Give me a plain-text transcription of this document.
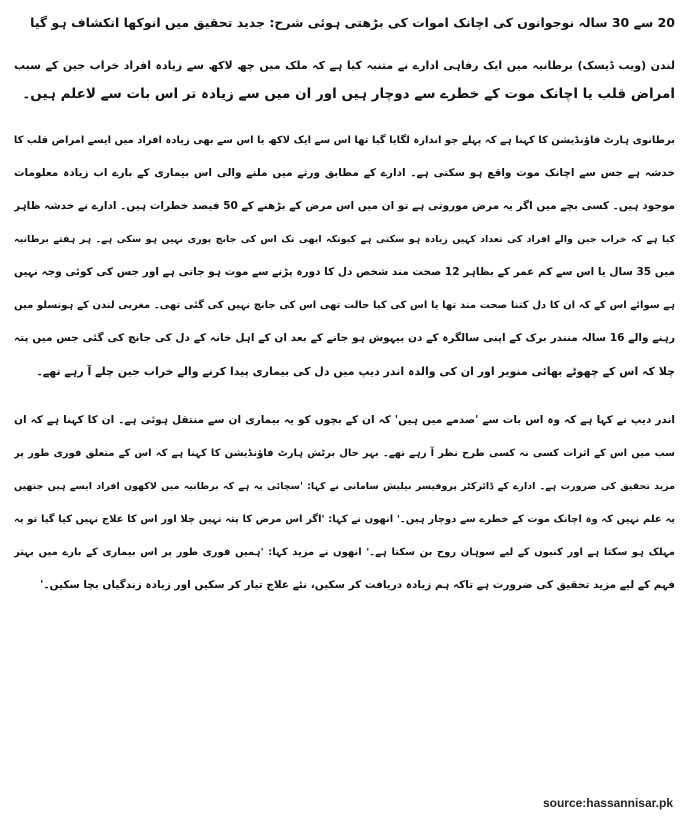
20 سے 30 سالہ نوجوانوں کی اچانک اموات کی بڑھتی ہوئی شرح: جدید تحقیق میں انوکھا انکشاف ہو گیا
لندن (ویب ڈیسک) برطانیہ میں ایک رفاہی ادارے نے متنبہ کیا ہے کہ ملک میں چھ لاکھ سے زیادہ افراد خراب جین کے سبب
امراض قلب یا اچانک موت کے خطرے سے دوچار ہیں اور ان میں سے زیادہ تر اس بات سے لاعلم ہیں۔
برطانوی ہارٹ فاؤنڈیشن کا کہنا ہے کہ پہلے جو اندازہ لگایا گیا تھا اس سے ایک لاکھ یا اس سے بھی زیادہ افراد میں ایسے امراض قلب کا
خدشہ ہے جس سے اچانک موت واقع ہو سکتی ہے۔ ادارے کے مطابق ورثے میں ملنے والی اس بیماری کے بارے اب زیادہ معلومات
موجود ہیں۔ کسی بچے میں اگر یہ مرض موروثی ہے تو ان میں اس مرض کے بڑھنے کے 50 فیصد خطرات ہیں۔ ادارے نے خدشہ ظاہر
کیا ہے کہ خراب جین والے افراد کی تعداد کہیں زیادہ ہو سکتی ہے کیونکہ ابھی تک اس کی جانچ پوری نہیں ہو سکی ہے۔ ہر ہفتے برطانیہ
میں 35 سال یا اس سے کم عمر کے بظاہر 12 صحت مند شخص دل کا دورہ پڑنے سے موت ہو جاتی ہے اور جس کی کوئی وجہ نہیں
ہے سوائے اس کے کہ ان کا دل کتنا صحت مند تھا یا اس کی کیا حالت تھی اس کی جانچ نہیں کی گئی تھی۔ مغربی لندن کے ہونسلو میں
رہنے والے 16 سالہ منندر برک کے اپنی سالگرہ کے دن بیہوش ہو جانے کے بعد ان کے اہل خانہ کے دل کی جانچ کی گئی جس میں پتہ
چلا کہ اس کے چھوٹے بھائی منویر اور ان کی والدہ اندر دیپ میں دل کی بیماری پیدا کرنے والے خراب جین چلے آ رہے تھے۔
اندر دیپ نے کہا ہے کہ وہ اس بات سے 'صدمے میں ہیں' کہ ان کے بچوں کو یہ بیماری ان سے منتقل ہوئی ہے۔ ان کا کہنا ہے کہ ان
سب میں اس کے اثرات کسی نہ کسی طرح نظر آ رہے تھے۔ بہر حال برٹش ہارٹ فاؤنڈیشن کا کہنا ہے کہ اس کے متعلق فوری طور پر
مزید تحقیق کی ضرورت ہے۔ ادارے کے ڈائرکٹر پروفیسر نیلیش سامانی نے کہا: 'سچائی یہ ہے کہ برطانیہ میں لاکھوں افراد ایسے ہیں جنھیں
یہ علم نہیں کہ وہ اچانک موت کے خطرے سے دوچار ہیں۔' انھوں نے کہا: 'اگر اس مرض کا پتہ نہیں چلا اور اس کا علاج نہیں کیا گیا تو یہ
مہلک ہو سکتا ہے اور کنبوں کے لیے سوہان روح بن سکتا ہے۔' انھوں نے مزید کہا: 'ہمیں فوری طور پر اس بیماری کے بارے میں بہتر
فہم کے لیے مزید تحقیق کی ضرورت ہے تاکہ ہم زیادہ دریافت کر سکیں، نئے علاج تیار کر سکیں اور زیادہ زندگیاں بچا سکیں۔'
source:hassannisar.pk
